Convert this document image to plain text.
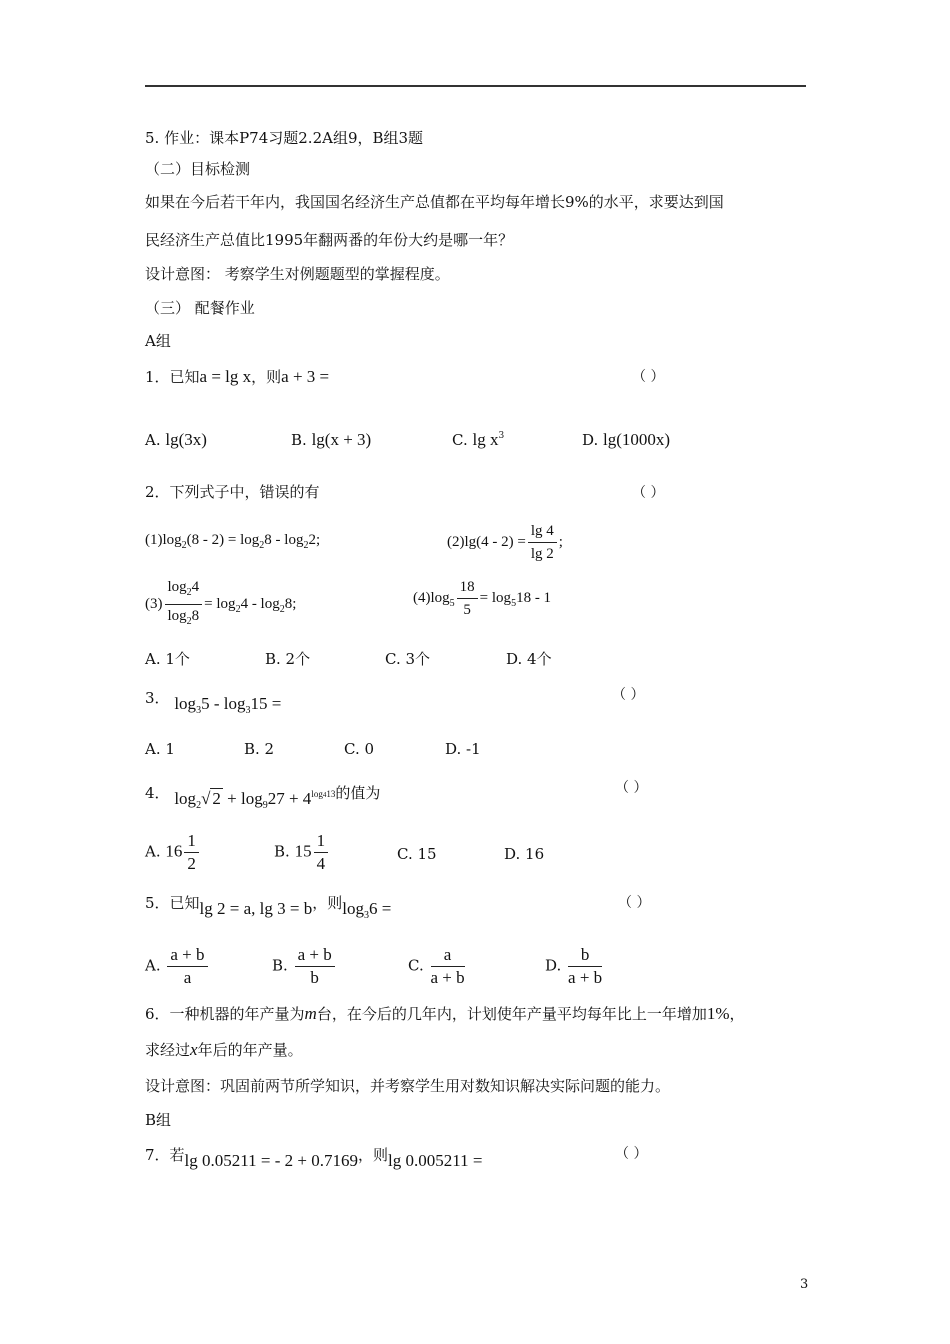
5. 作业：课本P74习题2.2A组9，B组3题
（二）目标检测
如果在今后若干年内，我国国名经济生产总值都在平均每年增长9%的水平，求要达到国
民经济生产总值比1995年翻两番的年份大约是哪一年？
设计意图： 考察学生对例题题型的掌握程度。
（三） 配餐作业
A组
1．已知a = lg x，则a + 3 =	（ ）
A. lg(3x)	B. lg(x + 3)	C. $\lg x^3$	D. lg(1000x)
2．下列式子中，错误的有	（ ）
$(1)\log_2(8 - 2) = \log_28 - \log_22$;	$(2)\lg(4 - 2) = \frac{\lg 4}{\lg 2}$ ;
$(3) \frac{\log_24}{\log_28} = \log_24 - \log_28$;	$(4)\log_5 \frac{18}{5} = \log_518 - 1$
A. 1个	B. 2个	C. 3个	D. 4个
3． $\log_35 - \log_315$ =	（ ）
A. 1	B. 2	C. 0	D. -1
4． $\log_2√$ $2 + \log_927 + 4^{log413}$的值为	（ ）
A. $16 \frac{1}{2}$	B. $15 \frac{1}{4}$	C. 15	D. 16
5．已知lg 2 = a, lg 3 = b，则$\log_36$ =	（ ）
A. $\frac{a + b}{a}$	B. $\frac{a + b}{b}$	C. $\frac{a}{a + b}$	D. $\frac{b}{a + b}$
6．一种机器的年产量为m台，在今后的几年内，计划使年产量平均每年比上一年增加1%，
求经过x年后的年产量。
设计意图：巩固前两节所学知识，并考察学生用对数知识解决实际问题的能力。
B组
7．若lg 0.05211 = - 2 + 0.7169，则lg 0.005211 =	（ ）
3
